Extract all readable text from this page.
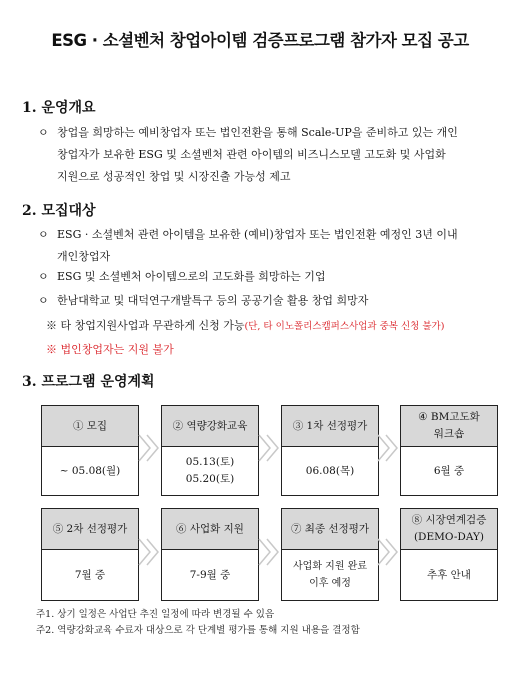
ESG · 소셜벤처 창업아이템 검증프로그램 참가자 모집 공고
1. 운영개요
ㅇ 창업을 희망하는 예비창업자 또는 법인전환을 통해 Scale-UP을 준비하고 있는 개인
창업자가 보유한 ESG 및 소셜벤처 관련 아이템의 비즈니스모델 고도화 및 사업화
지원으로 성공적인 창업 및 시장진출 가능성 제고
2. 모집대상
ㅇ ESG · 소셜벤처 관련 아이템을 보유한 (예비)창업자 또는 법인전환 예정인 3년 이내
개인창업자
ㅇ ESG 및 소셜벤처 아이템으로의 고도화를 희망하는 기업
ㅇ 한남대학교 및 대덕연구개발특구 등의 공공기술 활용 창업 희망자
※ 타 창업지원사업과 무관하게 신청 가능(단, 타 이노폴리스캠퍼스사업과 중복 신청 불가)
※ 법인창업자는 지원 불가
3. 프로그램 운영계획
① 모집
~ 05.08(월)
② 역량강화교육
05.13(토)
05.20(토)
③ 1차 선정평가
06.08(목)
④ BM고도화
워크숍
6월 중
⑤ 2차 선정평가
7월 중
⑥ 사업화 지원
7-9월 중
⑦ 최종 선정평가
사업화 지원 완료
이후 예정
⑧ 시장연계검증
(DEMO-DAY)
추후 안내
주1. 상기 일정은 사업단 추진 일정에 따라 변경될 수 있음
주2. 역량강화교육 수료자 대상으로 각 단계별 평가를 통해 지원 내용을 결정함
